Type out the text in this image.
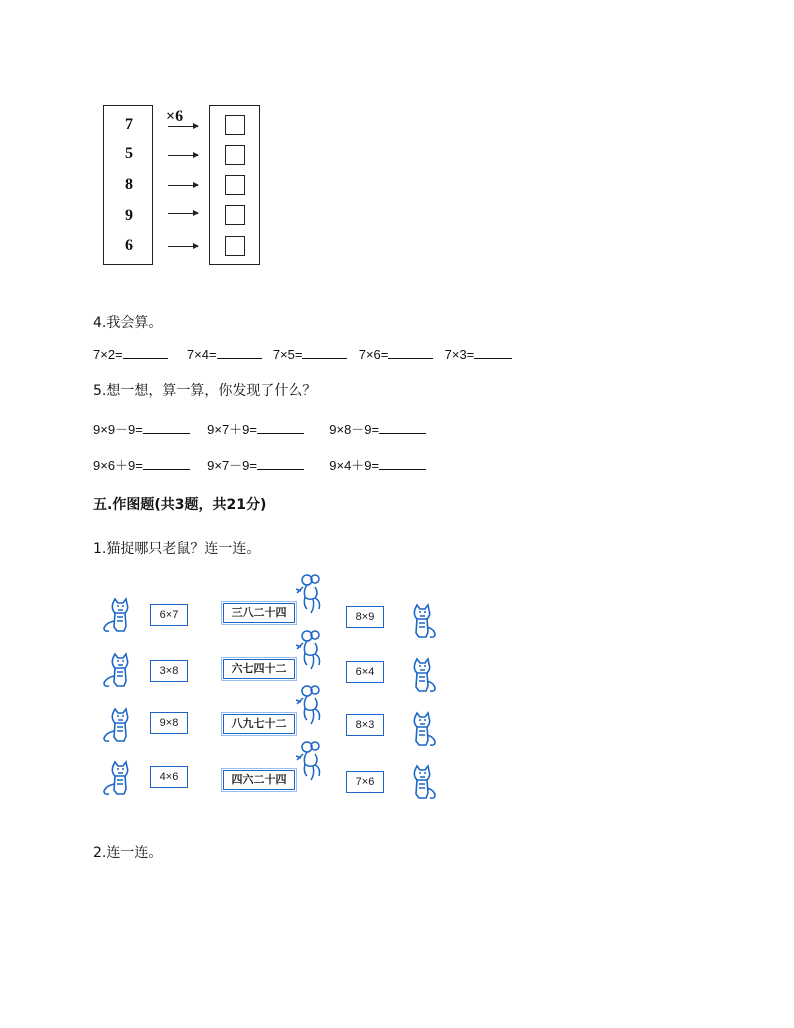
×6
7
5
8
9
6
4.我会算。
7×2=	7×4=	7×5=	7×6=	7×3=
5.想一想，算一算，你发现了什么？
9×9－9=	9×7＋9=	9×8－9=
9×6＋9=	9×7－9=	9×4＋9=
五.作图题(共3题，共21分)
1.猫捉哪只老鼠？连一连。
6×7
3×8
9×8
4×6
三八二十四
六七四十二
八九七十二
四六二十四
8×9
6×4
8×3
7×6
2.连一连。
